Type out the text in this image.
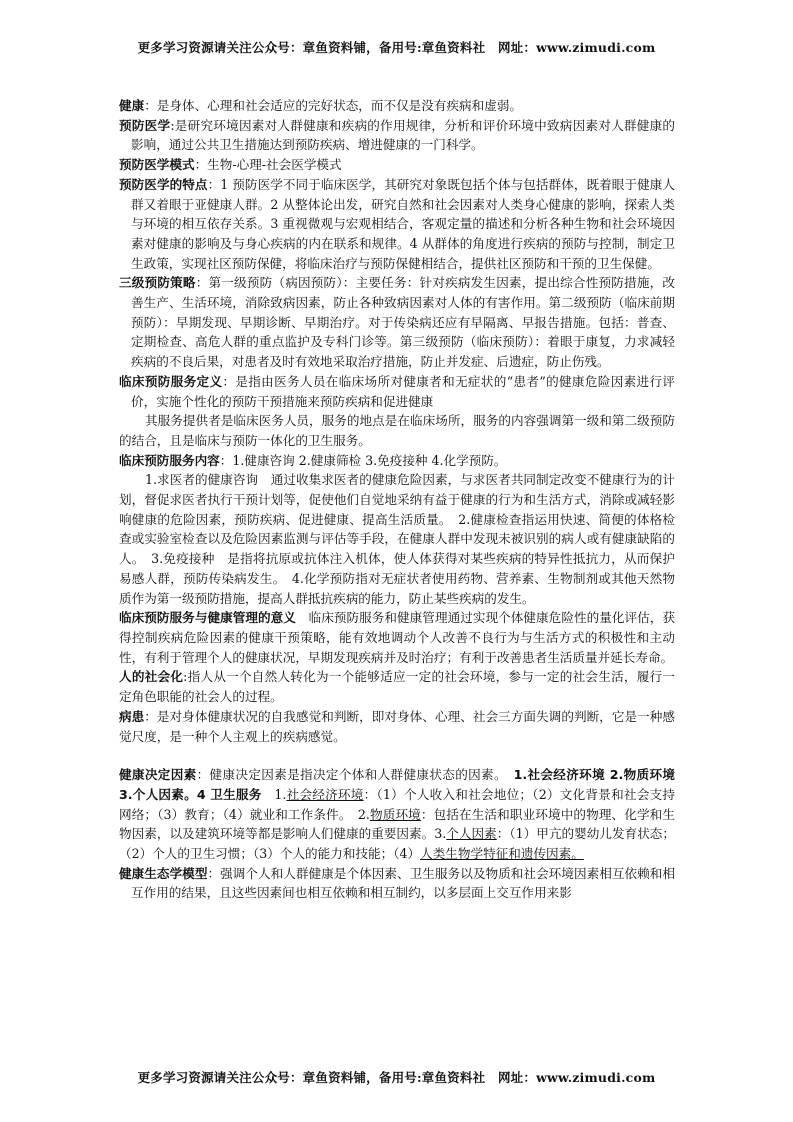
更多学习资源请关注公众号：章鱼资料铺，备用号:章鱼资料社　网址：www.zimudi.com

健康：是身体、心理和社会适应的完好状态，而不仅是没有疾病和虚弱。

预防医学:是研究环境因素对人群健康和疾病的作用规律，分析和评价环境中致病因素对人群健康的影响，通过公共卫生措施达到预防疾病、增进健康的一门科学。

预防医学模式：生物-心理-社会医学模式

预防医学的特点：1 预防医学不同于临床医学，其研究对象既包括个体与包括群体，既着眼于健康人群又着眼于亚健康人群。2 从整体论出发，研究自然和社会因素对人类身心健康的影响，探索人类与环境的相互依存关系。3 重视微观与宏观相结合，客观定量的描述和分析各种生物和社会环境因素对健康的影响及与身心疾病的内在联系和规律。4 从群体的角度进行疾病的预防与控制，制定卫生政策，实现社区预防保健，将临床治疗与预防保健相结合，提供社区预防和干预的卫生保健。

三级预防策略：第一级预防（病因预防）：主要任务：针对疾病发生因素，提出综合性预防措施，改善生产、生活环境，消除致病因素，防止各种致病因素对人体的有害作用。第二级预防（临床前期预防）：早期发现、早期诊断、早期治疗。对于传染病还应有早隔离、早报告措施。包括：普查、定期检查、高危人群的重点监护及专科门诊等。第三级预防（临床预防）：着眼于康复，力求减轻疾病的不良后果，对患者及时有效地采取治疗措施，防止并发症、后遗症，防止伤残。

临床预防服务定义：是指由医务人员在临床场所对健康者和无症状的“患者”的健康危险因素进行评价，实施个性化的预防干预措施来预防疾病和促进健康

其服务提供者是临床医务人员，服务的地点是在临床场所，服务的内容强调第一级和第二级预防的结合，且是临床与预防一体化的卫生服务。

临床预防服务内容：1.健康咨询 2.健康筛检 3.免疫接种 4.化学预防。

1.求医者的健康咨询　通过收集求医者的健康危险因素，与求医者共同制定改变不健康行为的计划，督促求医者执行干预计划等，促使他们自觉地采纳有益于健康的行为和生活方式，消除或减轻影响健康的危险因素，预防疾病、促进健康、提高生活质量。　2.健康检查指运用快速、简便的体格检查或实验室检查以及危险因素监测与评估等手段，在健康人群中发现未被识别的病人或有健康缺陷的人。　3.免疫接种　是指将抗原或抗体注入机体，使人体获得对某些疾病的特异性抵抗力，从而保护易感人群，预防传染病发生。　4.化学预防指对无症状者使用药物、营养素、生物制剂或其他天然物质作为第一级预防措施，提高人群抵抗疾病的能力，防止某些疾病的发生。

临床预防服务与健康管理的意义　临床预防服务和健康管理通过实现个体健康危险性的量化评估，获得控制疾病危险因素的健康干预策略，能有效地调动个人改善不良行为与生活方式的积极性和主动性，有利于管理个人的健康状况，早期发现疾病并及时治疗；有利于改善患者生活质量并延长寿命。

人的社会化:指人从一个自然人转化为一个能够适应一定的社会环境，参与一定的社会生活，履行一定角色职能的社会人的过程。

病患：是对身体健康状况的自我感觉和判断，即对身体、心理、社会三方面失调的判断，它是一种感觉尺度，是一种个人主观上的疾病感觉。

健康决定因素：健康决定因素是指决定个体和人群健康状态的因素。　1.社会经济环境 2.物质环境 3.个人因素。4 卫生服务　1.社会经济环境：（1）个人收入和社会地位；（2）文化背景和社会支持网络；（3）教育；（4）就业和工作条件。　2.物质环境：包括在生活和职业环境中的物理、化学和生物因素，以及建筑环境等都是影响人们健康的重要因素。3.个人因素：（1）甲亢的婴幼儿发育状态；（2）个人的卫生习惯；（3）个人的能力和技能；（4）人类生物学特征和遗传因素。

健康生态学模型：强调个人和人群健康是个体因素、卫生服务以及物质和社会环境因素相互依赖和相互作用的结果，且这些因素间也相互依赖和相互制约，以多层面上交互作用来影

更多学习资源请关注公众号：章鱼资料铺，备用号:章鱼资料社　网址：www.zimudi.com
